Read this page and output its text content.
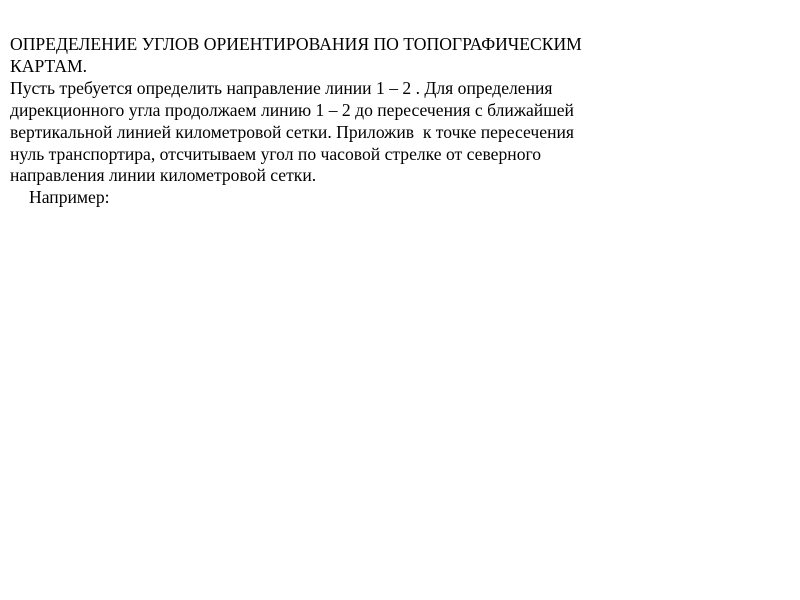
ОПРЕДЕЛЕНИЕ УГЛОВ ОРИЕНТИРОВАНИЯ ПО ТОПОГРАФИЧЕСКИМ
КАРТАМ.
Пусть требуется определить направление линии 1 – 2 . Для определения
дирекционного угла продолжаем линию 1 – 2 до пересечения с ближайшей
вертикальной линией километровой сетки. Приложив  к точке пересечения
нуль транспортира, отсчитываем угол по часовой стрелке от северного
направления линии километровой сетки.
Например:
